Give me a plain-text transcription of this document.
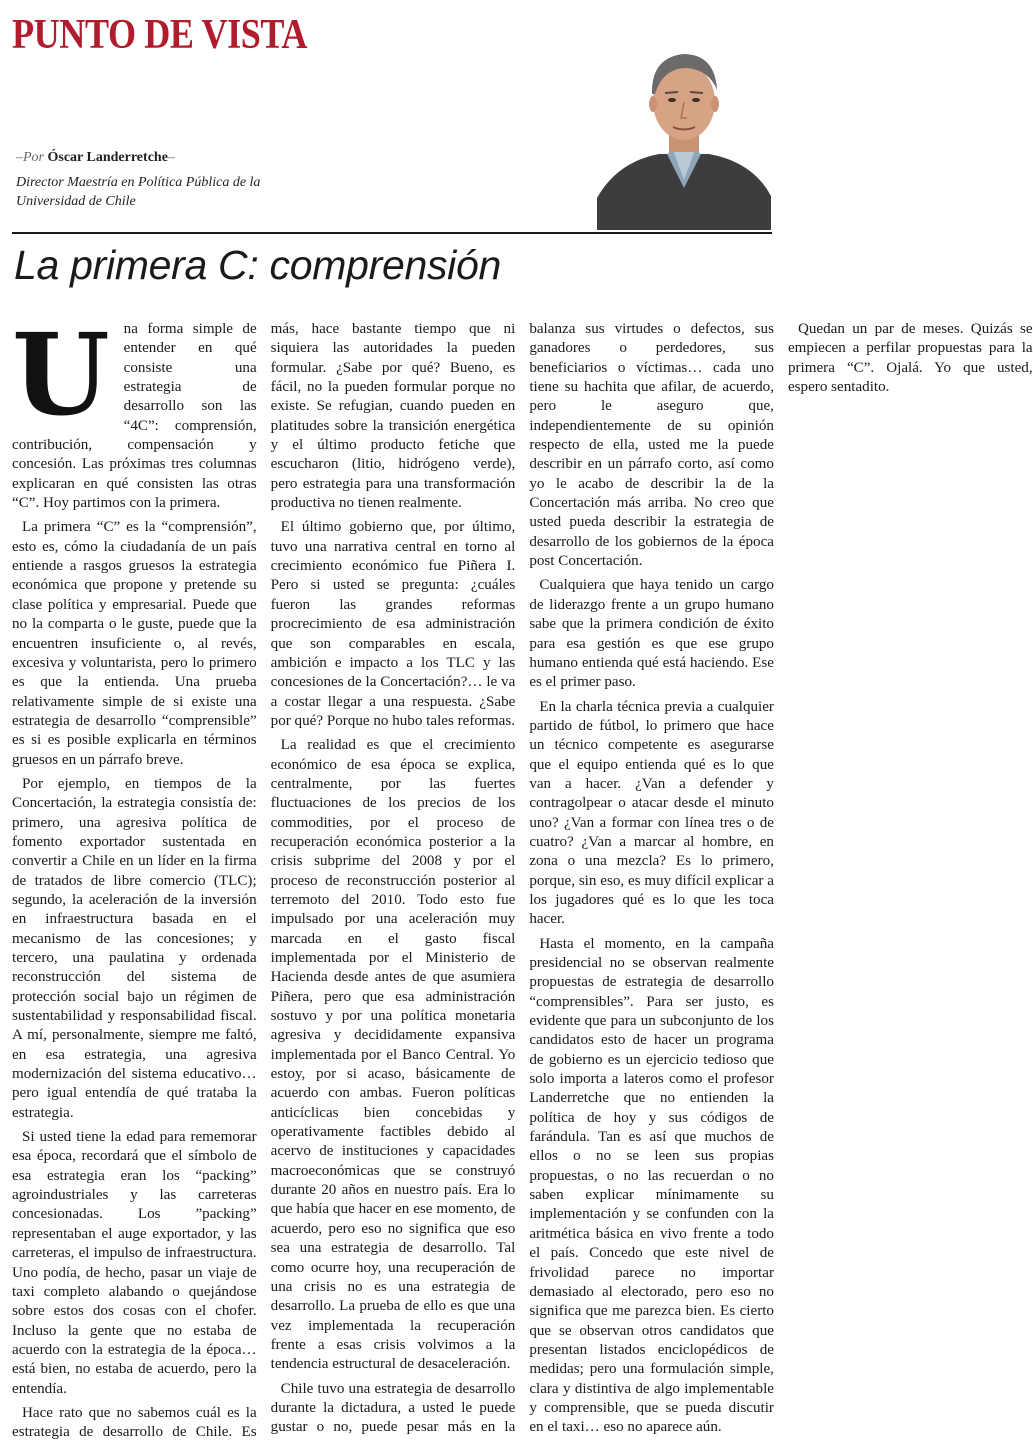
PUNTO DE VISTA
–Por Óscar Landerretche–
Director Maestría en Política Pública de la Universidad de Chile
La primera C: comprensión

Una forma simple de entender en qué consiste una estrategia de desarrollo son las “4C”: comprensión, contribución, compensación y concesión. Las próximas tres columnas explicaran en qué consisten las otras “C”. Hoy partimos con la primera.

La primera “C” es la “comprensión”, esto es, cómo la ciudadanía de un país entiende a rasgos gruesos la estrategia económica que propone y pretende su clase política y empresarial. Puede que no la comparta o le guste, puede que la encuentren insuficiente o, al revés, excesiva y voluntarista, pero lo primero es que la entienda. Una prueba relativamente simple de si existe una estrategia de desarrollo “comprensible” es si es posible explicarla en términos gruesos en un párrafo breve.

Por ejemplo, en tiempos de la Concertación, la estrategia consistía de: primero, una agresiva política de fomento exportador sustentada en convertir a Chile en un líder en la firma de tratados de libre comercio (TLC); segundo, la aceleración de la inversión en infraestructura basada en el mecanismo de las concesiones; y tercero, una paulatina y ordenada reconstrucción del sistema de protección social bajo un régimen de sustentabilidad y responsabilidad fiscal. A mí, personalmente, siempre me faltó, en esa estrategia, una agresiva modernización del sistema educativo… pero igual entendía de qué trataba la estrategia.

Si usted tiene la edad para rememorar esa época, recordará que el símbolo de esa estrategia eran los “packing” agroindustriales y las carreteras concesionadas. Los ”packing” representaban el auge exportador, y las carreteras, el impulso de infraestructura. Uno podía, de hecho, pasar un viaje de taxi completo alabando o quejándose sobre estos dos cosas con el chofer. Incluso la gente que no estaba de acuerdo con la estrategia de la época… está bien, no estaba de acuerdo, pero la entendía.

Hace rato que no sabemos cuál es la estrategia de desarrollo de Chile. Es más, hace bastante tiempo que ni siquiera las autoridades la pueden formular. ¿Sabe por qué? Bueno, es fácil, no la pueden formular porque no existe. Se refugian, cuando pueden en platitudes sobre la transición energética y el último producto fetiche que escucharon (litio, hidrógeno verde), pero estrategia para una transformación productiva no tienen realmente.

El último gobierno que, por último, tuvo una narrativa central en torno al crecimiento económico fue Piñera I. Pero si usted se pregunta: ¿cuáles fueron las grandes reformas procrecimiento de esa administración que son comparables en escala, ambición e impacto a los TLC y las concesiones de la Concertación?… le va a costar llegar a una respuesta. ¿Sabe por qué? Porque no hubo tales reformas.

La realidad es que el crecimiento económico de esa época se explica, centralmente, por las fuertes fluctuaciones de los precios de los commodities, por el proceso de recuperación económica posterior a la crisis subprime del 2008 y por el proceso de reconstrucción posterior al terremoto del 2010. Todo esto fue impulsado por una aceleración muy marcada en el gasto fiscal implementada por el Ministerio de Hacienda desde antes de que asumiera Piñera, pero que esa administración sostuvo y por una política monetaria agresiva y decididamente expansiva implementada por el Banco Central. Yo estoy, por si acaso, básicamente de acuerdo con ambas. Fueron políticas anticíclicas bien concebidas y operativamente factibles debido al acervo de instituciones y capacidades macroeconómicas que se construyó durante 20 años en nuestro país. Era lo que había que hacer en ese momento, de acuerdo, pero eso no significa que eso sea una estrategia de desarrollo. Tal como ocurre hoy, una recuperación de una crisis no es una estrategia de desarrollo. La prueba de ello es que una vez implementada la recuperación frente a esas crisis volvimos a la tendencia estructural de desaceleración.

Chile tuvo una estrategia de desarrollo durante la dictadura, a usted le puede gustar o no, puede pesar más en la balanza sus virtudes o defectos, sus ganadores o perdedores, sus beneficiarios o víctimas… cada uno tiene su hachita que afilar, de acuerdo, pero le aseguro que, independientemente de su opinión respecto de ella, usted me la puede describir en un párrafo corto, así como yo le acabo de describir la de la Concertación más arriba. No creo que usted pueda describir la estrategia de desarrollo de los gobiernos de la época post Concertación.

Cualquiera que haya tenido un cargo de liderazgo frente a un grupo humano sabe que la primera condición de éxito para esa gestión es que ese grupo humano entienda qué está haciendo. Ese es el primer paso.

En la charla técnica previa a cualquier partido de fútbol, lo primero que hace un técnico competente es asegurarse que el equipo entienda qué es lo que van a hacer. ¿Van a defender y contragolpear o atacar desde el minuto uno? ¿Van a formar con línea tres o de cuatro? ¿Van a marcar al hombre, en zona o una mezcla? Es lo primero, porque, sin eso, es muy difícil explicar a los jugadores qué es lo que les toca hacer.

Hasta el momento, en la campaña presidencial no se observan realmente propuestas de estrategia de desarrollo “comprensibles”. Para ser justo, es evidente que para un subconjunto de los candidatos esto de hacer un programa de gobierno es un ejercicio tedioso que solo importa a lateros como el profesor Landerretche que no entienden la política de hoy y sus códigos de farándula. Tan es así que muchos de ellos o no se leen sus propias propuestas, o no las recuerdan o no saben explicar mínimamente su implementación y se confunden con la aritmética básica en vivo frente a todo el país. Concedo que este nivel de frivolidad parece no importar demasiado al electorado, pero eso no significa que me parezca bien. Es cierto que se observan otros candidatos que presentan listados enciclopédicos de medidas; pero una formulación simple, clara y distintiva de algo implementable y comprensible, que se pueda discutir en el taxi… eso no aparece aún.

Quedan un par de meses. Quizás se empiecen a perfilar propuestas para la primera “C”. Ojalá. Yo que usted, espero sentadito.
